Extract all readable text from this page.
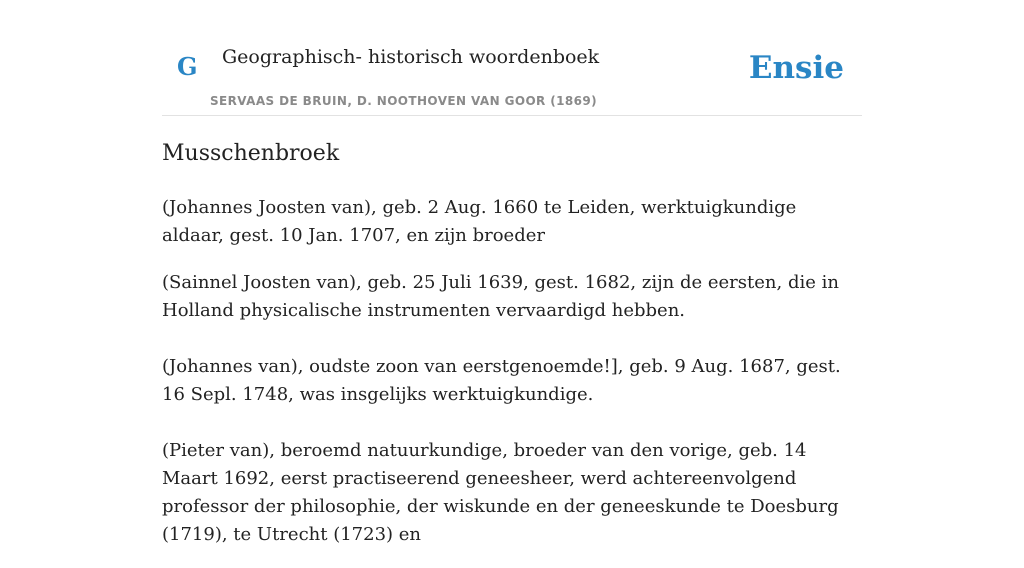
G Geographisch- historisch woordenboek
SERVAAS DE BRUIN, D. NOOTHOVEN VAN GOOR (1869)
Ensie
Musschenbroek

(Johannes Joosten van), geb. 2 Aug. 1660 te Leiden, werktuigkundige aldaar, gest. 10 Jan. 1707, en zijn broeder

(Sainnel Joosten van), geb. 25 Juli 1639, gest. 1682, zijn de eersten, die in Holland physicalische instrumenten vervaardigd hebben.

(Johannes van), oudste zoon van eerstgenoemde!], geb. 9 Aug. 1687, gest. 16 Sepl. 1748, was insgelijks werktuigkundige.

(Pieter van), beroemd natuurkundige, broeder van den vorige, geb. 14 Maart 1692, eerst practiseerend geneesheer, werd achtereenvolgend professor der philosophie, der wiskunde en der geneeskunde te Doesburg (1719), te Utrecht (1723) en
